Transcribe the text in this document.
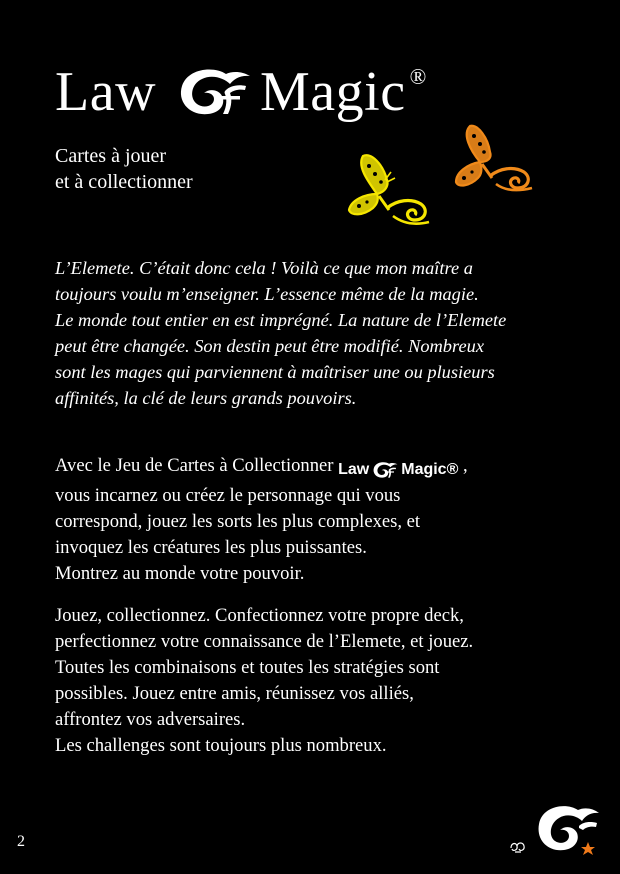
Law Magic ®
Cartes à jouer
et à collectionner
L’Elemete. C’était donc cela ! Voilà ce que mon maître a
toujours voulu m’enseigner. L’essence même de la magie.
Le monde tout entier en est imprégné. La nature de l’Elemete
peut être changée. Son destin peut être modifié. Nombreux
sont les mages qui parviennent à maîtriser une ou plusieurs
affinités, la clé de leurs grands pouvoirs.
Avec le Jeu de Cartes à Collectionner Law Magic® ,
vous incarnez ou créez le personnage qui vous
correspond, jouez les sorts les plus complexes, et
invoquez les créatures les plus puissantes.
Montrez au monde votre pouvoir.
Jouez, collectionnez. Confectionnez votre propre deck,
perfectionnez votre connaissance de l’Elemete, et jouez.
Toutes les combinaisons et toutes les stratégies sont
possibles. Jouez entre amis, réunissez vos alliés,
affrontez vos adversaires.
Les challenges sont toujours plus nombreux.
2
